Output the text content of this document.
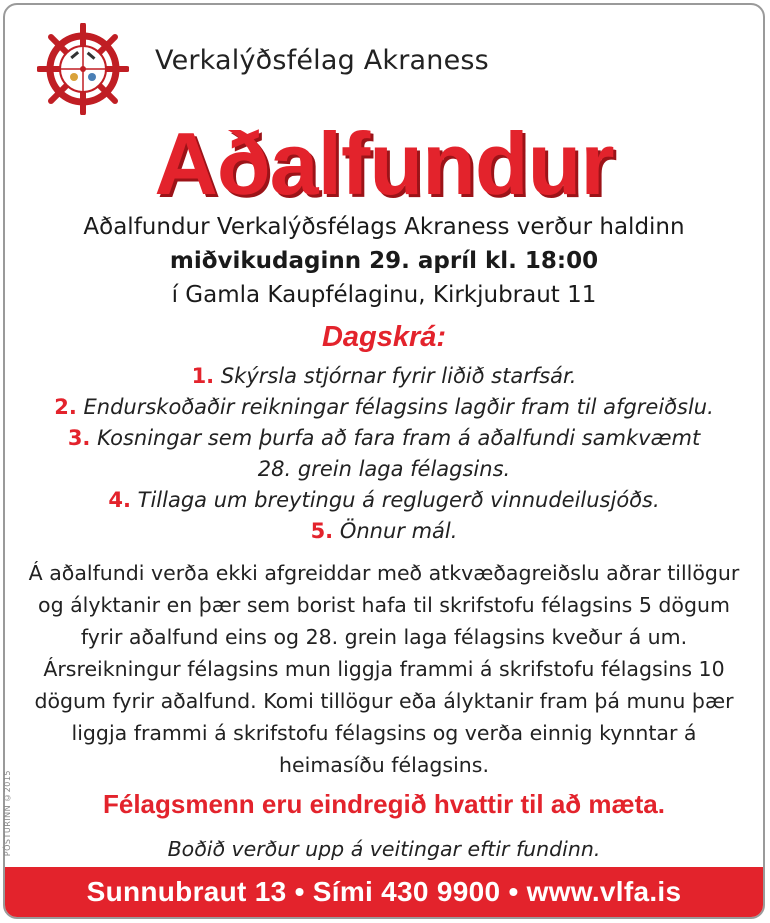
Verkalýðsfélag Akraness
Aðalfundur
Aðalfundur Verkalýðsfélags Akraness verður haldinn
miðvikudaginn 29. apríl kl. 18:00
í Gamla Kaupfélaginu, Kirkjubraut 11
Dagskrá:
1. Skýrsla stjórnar fyrir liðið starfsár.
2. Endurskoðaðir reikningar félagsins lagðir fram til afgreiðslu.
3. Kosningar sem þurfa að fara fram á aðalfundi samkvæmt
28. grein laga félagsins.
4. Tillaga um breytingu á reglugerð vinnudeilusjóðs.
5. Önnur mál.
Á aðalfundi verða ekki afgreiddar með atkvæðagreiðslu aðrar tillögur
og ályktanir en þær sem borist hafa til skrifstofu félagsins 5 dögum
fyrir aðalfund eins og 28. grein laga félagsins kveður á um.
Ársreikningur félagsins mun liggja frammi á skrifstofu félagsins 10
dögum fyrir aðalfund. Komi tillögur eða ályktanir fram þá munu þær
liggja frammi á skrifstofu félagsins og verða einnig kynntar á
heimasíðu félagsins.
Félagsmenn eru eindregið hvattir til að mæta.
Boðið verður upp á veitingar eftir fundinn.
Sunnubraut 13 • Sími 430 9900 • www.vlfa.is
PÓSTURINN ©2015
